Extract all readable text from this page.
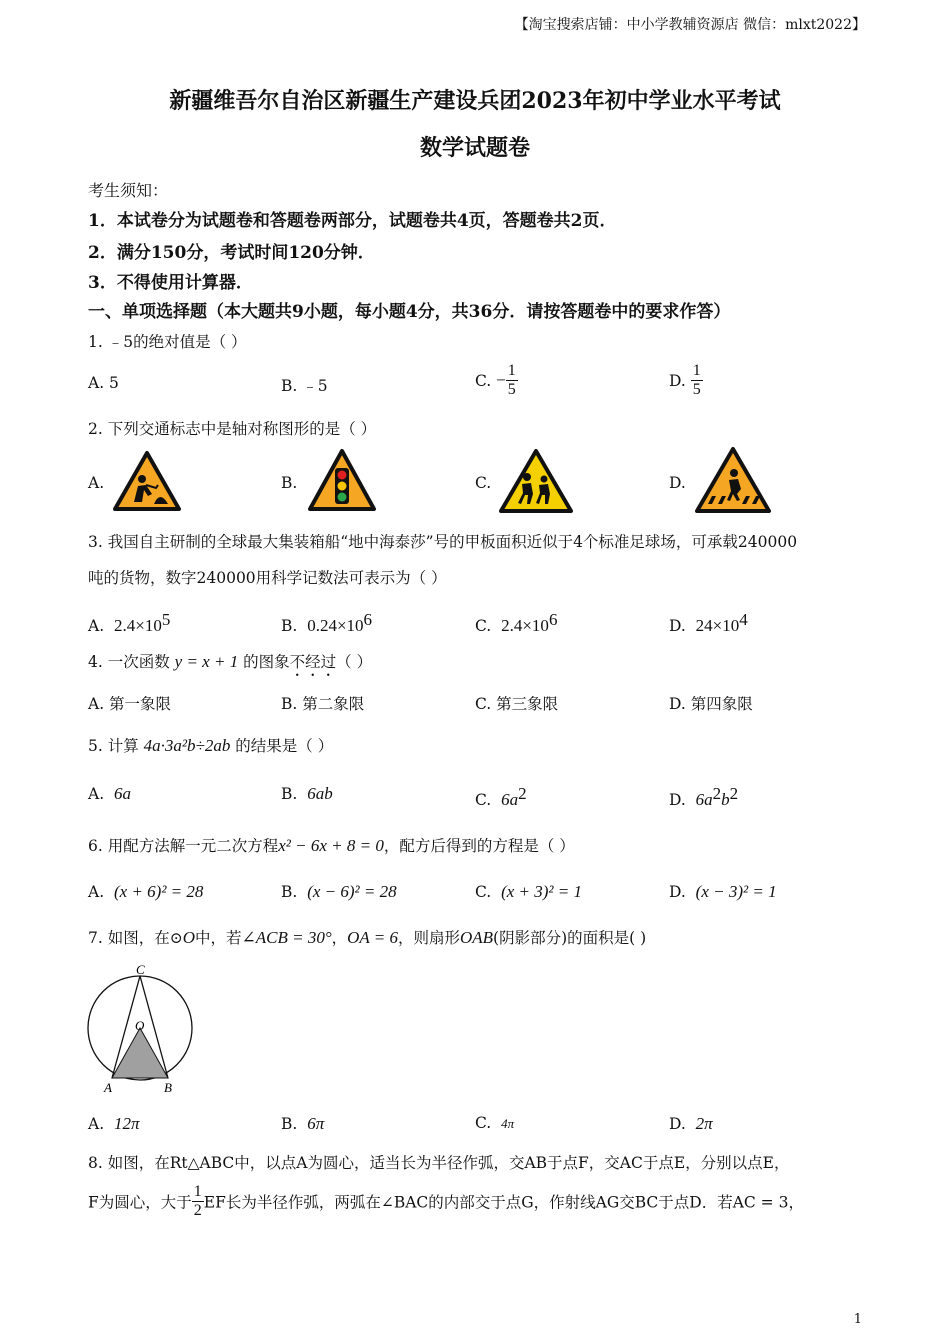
【淘宝搜索店铺：中小学教辅资源店 微信：mlxt2022】
新疆维吾尔自治区新疆生产建设兵团2023年初中学业水平考试
数学试题卷
考生须知：
1．本试卷分为试题卷和答题卷两部分，试题卷共4页，答题卷共2页．
2．满分150分，考试时间120分钟．
3．不得使用计算器．
一、单项选择题（本大题共9小题，每小题4分，共36分．请按答题卷中的要求作答）
1. ﹣5的绝对值是（ ）
A. 5	B. ﹣5	C. − $\frac{1}{5}$	D. $\frac{1}{5}$
2. 下列交通标志中是轴对称图形的是（ ）
A.	B.	C.	D.
3. 我国自主研制的全球最大集装箱船“地中海泰莎”号的甲板面积近似于4个标准足球场，可承载240000
吨的货物，数字240000用科学记数法可表示为（ ）
A. $2.4\times 10^5$	B. $0.24\times 10^6$	C. $2.4\times 10^6$	D. $24\times 10^4$
4. 一次函数 y = x + 1 的图象不经过（ ）
A. 第一象限	B. 第二象限	C. 第三象限	D. 第四象限
5. 计算 4a·3a²b÷2ab 的结果是（ ）
A. 6a	B. 6ab	C. $6a^2$	D. $6a^2b^2$
6. 用配方法解一元二次方程x² − 6x + 8 = 0，配方后得到的方程是（ ）
A. (x + 6)² = 28	B. (x − 6)² = 28	C. (x + 3)² = 1	D. (x − 3)² = 1
7. 如图，在⊙O中，若∠ACB = 30°，OA = 6，则扇形OAB(阴影部分)的面积是( )
C
O
A	B
A. 12π	B. 6π	C. 4π	D. 2π
8. 如图，在Rt△ABC中，以点A为圆心，适当长为半径作弧，交AB于点F，交AC于点E，分别以点E，
F为圆心，大于 $\frac{1}{2}$ EF长为半径作弧，两弧在∠BAC的内部交于点G，作射线AG交BC于点D．若AC = 3，
1
